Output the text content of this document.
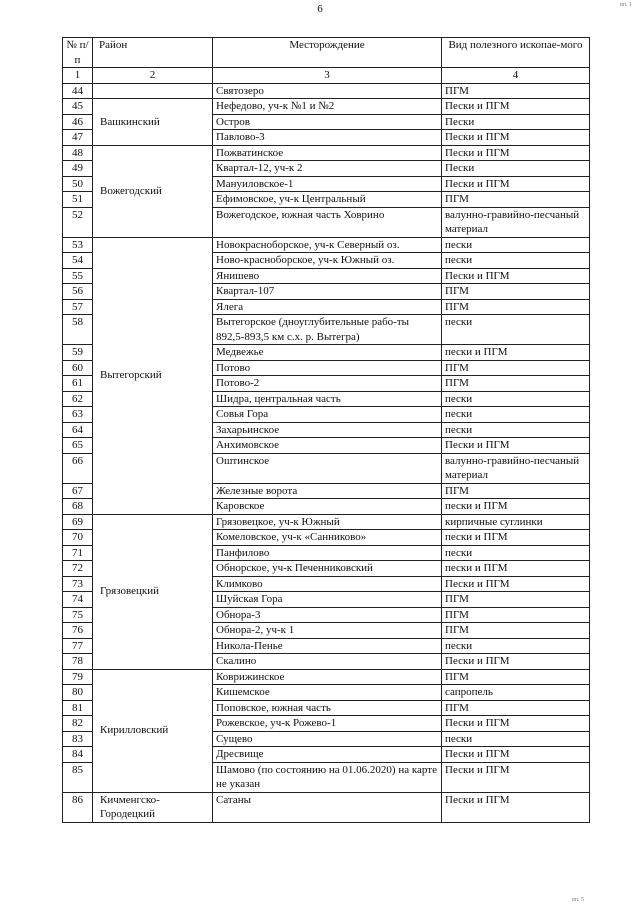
6	пп. 1
пп. 5
№ п/п	Район	Месторождение	Вид полезного ископае-мого
1	2	3	4
44		Святозеро	ПГМ
45	Вашкинский	Нефедово, уч-к №1 и №2	Пески и ПГМ
46		Остров	Пески
47		Павлово-3	Пески и ПГМ
48	Вожегодский	Пожватинское	Пески и ПГМ
49		Квартал-12, уч-к 2	Пески
50		Мануиловское-1	Пески и ПГМ
51		Ефимовское, уч-к Центральный	ПГМ
52		Вожегодское, южная часть Ховрино	валунно-гравийно-песчаный материал
53	Вытегорский	Новокрасноборское, уч-к Северный оз.	пески
54		Ново-красноборское, уч-к Южный оз.	пески
55		Янишево	Пески и ПГМ
56		Квартал-107	ПГМ
57		Ялега	ПГМ
58		Вытегорское (дноуглубительные рабо-ты 892,5-893,5 км с.х. р. Вытегра)	пески
59		Медвежье	пески и ПГМ
60		Потово	ПГМ
61		Потово-2	ПГМ
62		Шидра, центральная часть	пески
63		Совья Гора	пески
64		Захарьинское	пески
65		Анхимовское	Пески и ПГМ
66		Оштинское	валунно-гравийно-песчаный материал
67		Железные ворота	ПГМ
68		Каровское	пески и ПГМ
69	Грязовецкий	Грязовецкое, уч-к Южный	кирпичные суглинки
70		Комеловское, уч-к «Санниково»	пески и ПГМ
71		Панфилово	пески
72		Обнорское, уч-к Печенниковский	пески и ПГМ
73		Климково	Пески и ПГМ
74		Шуйская Гора	ПГМ
75		Обнора-3	ПГМ
76		Обнора-2, уч-к 1	ПГМ
77		Никола-Пенье	пески
78		Скалино	Пески и ПГМ
79	Кирилловский	Коврижинское	ПГМ
80		Кишемское	сапропель
81		Поповское, южная часть	ПГМ
82		Рожевское, уч-к Рожево-1	Пески и ПГМ
83		Сущево	пески
84		Дресвище	Пески и ПГМ
85		Шамово (по состоянию на 01.06.2020) на карте не указан	Пески и ПГМ
86	Кичменгско-Городецкий	Сатаны	Пески и ПГМ
